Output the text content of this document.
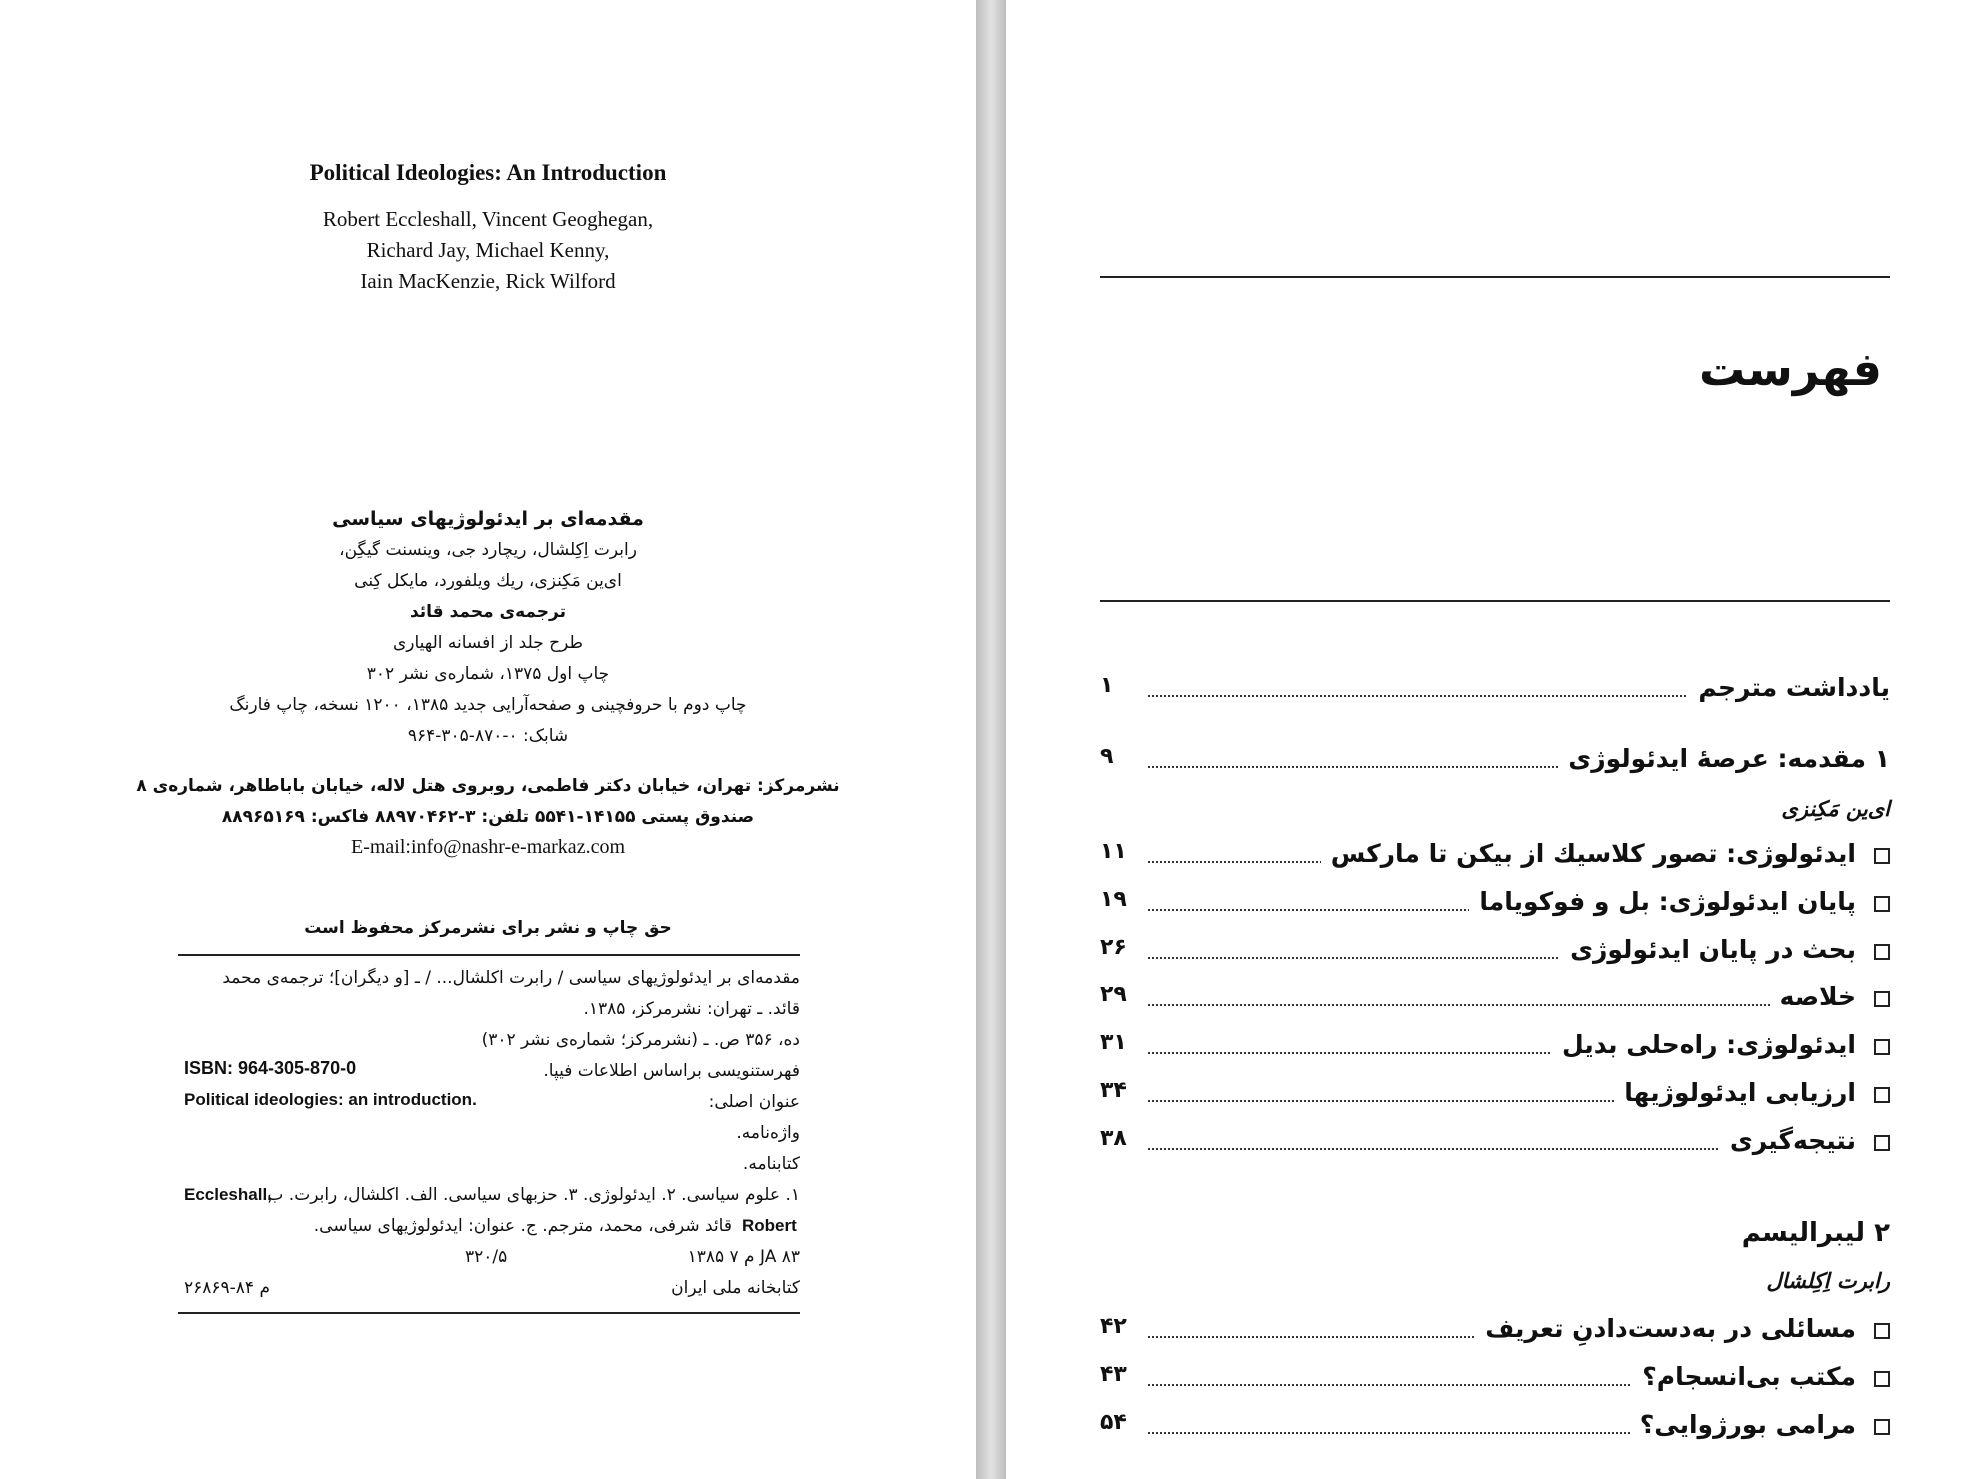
Political Ideologies: An Introduction
Robert Eccleshall, Vincent Geoghegan,
Richard Jay, Michael Kenny,
Iain MacKenzie, Rick Wilford
مقدمه‌ای بر ایدئولوژیهای سیاسی
رابرت اِکِلشال، ریچارد جی، وینسنت گیگِن،
ای‌ین مَکِنزی، ریك ویلفورد، مایکل کِنی
ترجمه‌ی محمد قائد
طرح جلد از افسانه الهیاری
چاپ اول ۱۳۷۵، شماره‌ی نشر ۳۰۲
چاپ دوم با حروفچینی و صفحه‌آرایی جدید ۱۳۸۵، ۱۲۰۰ نسخه، چاپ فارنگ
شابک: ۰-۸۷۰-۳۰۵-۹۶۴
نشرمرکز: تهران، خیابان دکتر فاطمی، روبروی هتل لاله، خیابان باباطاهر، شماره‌ی ۸
صندوق پستی ۱۴۱۵۵-۵۵۴۱ تلفن: ۳-۸۸۹۷۰۴۶۲ فاکس: ۸۸۹۶۵۱۶۹
E-mail:info@nashr-e-markaz.com
حق چاپ و نشر برای نشرمرکز محفوظ است
مقدمه‌ای بر ایدئولوژیهای سیاسی / رابرت اکلشال... / ـ [و دیگران]؛ ترجمه‌ی محمد
قائد. ـ تهران: نشرمرکز، ۱۳۸۵.
ده، ۳۵۶ ص. ـ (نشرمرکز؛ شماره‌ی نشر ۳۰۲)
ISBN: 964-305-870-0	فهرستنویسی براساس اطلاعات فیپا.
Political ideologies: an introduction.	عنوان اصلی:
واژه‌نامه.
کتابنامه.
Eccleshall,
۱. علوم سیاسی. ۲. ایدئولوژی. ۳. حزبهای سیاسی. الف. اکلشال، رابرت. ب.
Robert
قائد شرفی، محمد، مترجم. ج. عنوان: ایدئولوژیهای سیاسی.
JA ۸۳ م ۷ ۱۳۸۵
۳۲۰/۵
کتابخانه ملی ایران
م ۸۴-۲۶۸۶۹
فهرست
۱	یادداشت مترجم
۹	۱ مقدمه: عرصهٔ ایدئولوژی
ای‌ین مَکِنزی
۱۱	ایدئولوژی: تصور کلاسیك از بیکن تا مارکس
۱۹	پایان ایدئولوژی: بل و فوکویاما
۲۶	بحث در پایان ایدئولوژی
۲۹	خلاصه
۳۱	ایدئولوژی: راه‌حلی بدیل
۳۴	ارزیابی ایدئولوژیها
۳۸	نتیجه‌گیری
۲ لیبرالیسم
رابرت اِکِلشال
۴۲	مسائلی در به‌دست‌دادنِ تعریف
۴۳	مکتب بی‌انسجام؟
۵۴	مرامی بورژوایی؟
